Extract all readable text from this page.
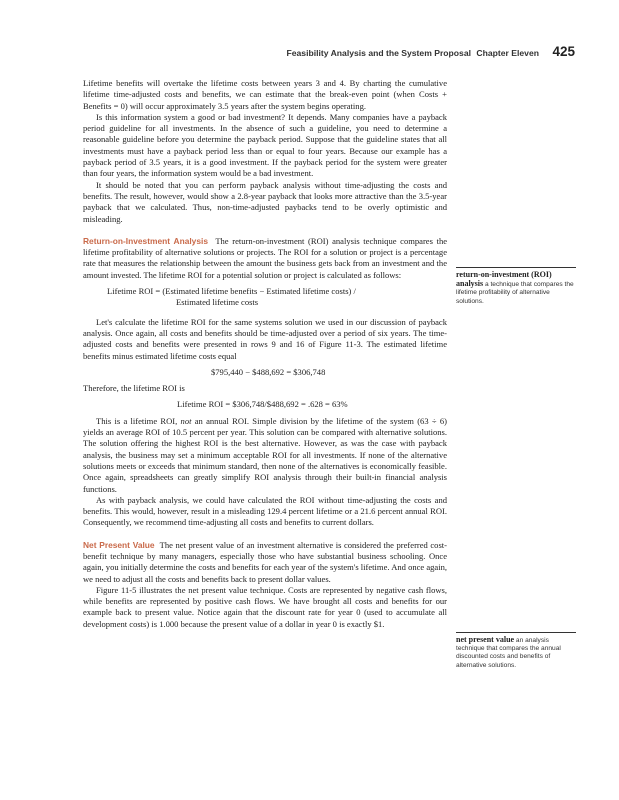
Feasibility Analysis and the System Proposal Chapter Eleven 425

Lifetime benefits will overtake the lifetime costs between years 3 and 4. By charting the cumulative lifetime time-adjusted costs and benefits, we can estimate that the break-even point (when Costs + Benefits = 0) will occur approximately 3.5 years after the system begins operating.

Is this information system a good or bad investment? It depends. Many companies have a payback period guideline for all investments. In the absence of such a guideline, you need to determine a reasonable guideline before you determine the payback period. Suppose that the guideline states that all investments must have a payback period less than or equal to four years. Because our example has a payback period of 3.5 years, it is a good investment. If the payback period for the system were greater than four years, the information system would be a bad investment.

It should be noted that you can perform payback analysis without time-adjusting the costs and benefits. The result, however, would show a 2.8-year payback that looks more attractive than the 3.5-year payback that we calculated. Thus, non-time-adjusted paybacks tend to be overly optimistic and misleading.

Return-on-Investment Analysis The return-on-investment (ROI) analysis technique compares the lifetime profitability of alternative solutions or projects. The ROI for a solution or project is a percentage rate that measures the relationship between the amount the business gets back from an investment and the amount invested. The lifetime ROI for a potential solution or project is calculated as follows:

Lifetime ROI = (Estimated lifetime benefits − Estimated lifetime costs) /

Estimated lifetime costs

Let's calculate the lifetime ROI for the same systems solution we used in our discussion of payback analysis. Once again, all costs and benefits should be time-adjusted over a period of six years. The time-adjusted costs and benefits were presented in rows 9 and 16 of Figure 11-3. The estimated lifetime benefits minus estimated lifetime costs equal

$795,440 − $488,692 = $306,748

Therefore, the lifetime ROI is

Lifetime ROI = $306,748/$488,692 = .628 = 63%

This is a lifetime ROI, not an annual ROI. Simple division by the lifetime of the system (63 ÷ 6) yields an average ROI of 10.5 percent per year. This solution can be compared with alternative solutions. The solution offering the highest ROI is the best alternative. However, as was the case with payback analysis, the business may set a minimum acceptable ROI for all investments. If none of the alternative solutions meets or exceeds that minimum standard, then none of the alternatives is economically feasible. Once again, spreadsheets can greatly simplify ROI analysis through their built-in financial analysis functions.

As with payback analysis, we could have calculated the ROI without time-adjusting the costs and benefits. This would, however, result in a misleading 129.4 percent lifetime or a 21.6 percent annual ROI. Consequently, we recommend time-adjusting all costs and benefits to current dollars.

Net Present Value The net present value of an investment alternative is considered the preferred cost-benefit technique by many managers, especially those who have substantial business schooling. Once again, you initially determine the costs and benefits for each year of the system's lifetime. And once again, we need to adjust all the costs and benefits back to present dollar values.

Figure 11-5 illustrates the net present value technique. Costs are represented by negative cash flows, while benefits are represented by positive cash flows. We have brought all costs and benefits for our example back to present value. Notice again that the discount rate for year 0 (used to accumulate all development costs) is 1.000 because the present value of a dollar in year 0 is exactly $1.

return-on-investment (ROI) analysis a technique that compares the lifetime profitability of alternative solutions.
net present value an analysis technique that compares the annual discounted costs and benefits of alternative solutions.
